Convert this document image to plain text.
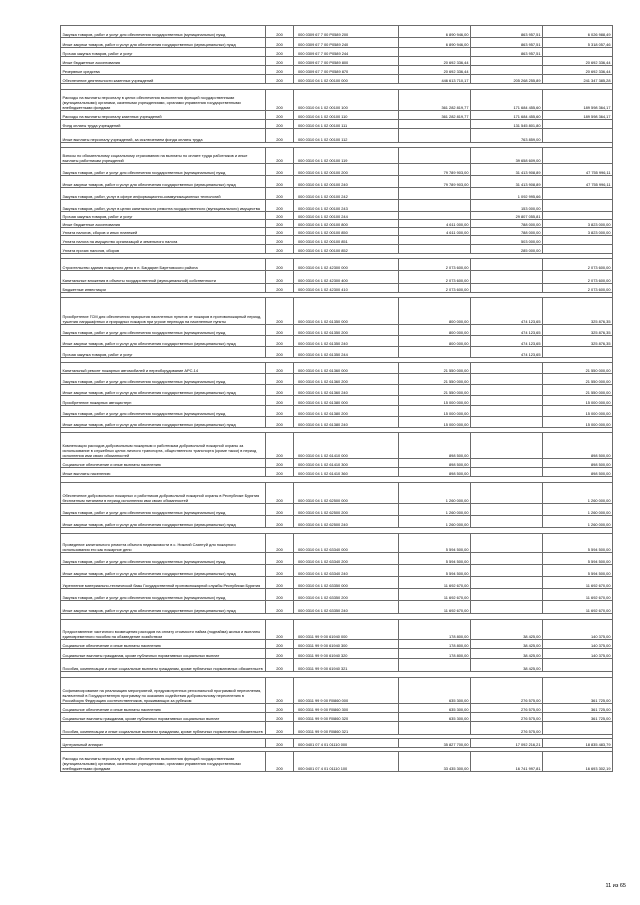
Закупка товаров, работ и услуг для обеспечения государственных (муниципальных) нужд	200	000 0309 67 7 00 Р0589 200	6 890 946,00	863 957,51	6 026 988,49
Иные закупки товаров, работ и услуг для обеспечения государственных (муниципальных) нужд	200	000 0309 67 7 00 Р0589 240	6 890 946,00	863 957,51	5 318 057,46
Прочая закупка товаров, работ и услуг	200	000 0309 67 7 00 Р0589 244		863 957,51	
Иные бюджетные ассигнования	200	000 0309 67 7 00 Р0589 800	20 692 336,44		20 692 336,44
Резервные средства	200	000 0309 67 7 00 Р0589 870	20 692 336,44		20 692 336,44
Обеспечение деятельности казенных учреждений	200	000 0310 04 1 02 00100 000	446 613 710,17	205 268 255,89	241 347 385,28

Расходы на выплаты персоналу в целях обеспечения выполнения функций государственными (муниципальными) органами, казенными учреждениями, органами управления государственными внебюджетными фондами	200	000 0310 04 1 02 00100 100	361 282 819,77	171 684 455,60	189 598 364,17
Расходы на выплаты персоналу казенных учреждений	200	000 0310 04 1 02 00100 110	361 282 819,77	171 684 455,60	189 598 364,17
Фонд оплаты труда учреждений	200	000 0310 04 1 02 00100 111		131 545 801,80	
Иные выплаты персоналу учреждений, за исключением фонда оплаты труда	200	000 0310 04 1 02 00100 112		763 859,00	

Взносы по обязательному социальному страхованию на выплаты по оплате труда работников и иные выплаты работникам учреждений	200	000 0310 04 1 02 00100 119		39 658 609,00	
Закупка товаров, работ и услуг для обеспечения государственных (муниципальных) нужд	200	000 0310 04 1 02 00100 200	79 789 903,00	31 413 908,89	47 755 996,11
Иные закупки товаров, работ и услуг для обеспечения государственных (муниципальных) нужд	200	000 0310 04 1 02 00100 240	79 789 903,00	31 413 908,89	47 755 996,11
Закупка товаров, работ, услуг в сфере информационно-коммуникационных технологий	200	000 0310 04 1 02 00100 242		1 092 995,66	
Закупка товаров, работ, услуг в целях капитального ремонта государственного (муниципального) имущества	200	000 0310 04 1 02 00100 243		153 000,00	
Прочая закупка товаров, работ и услуг	200	000 0310 04 1 02 00100 244		29 807 055,81	
Иные бюджетные ассигнования	200	000 0310 04 1 02 00100 800	4 611 000,00	788 000,00	3 823 000,00
Уплата налогов, сборов и иных платежей	200	000 0310 04 1 02 00100 850	4 611 000,00	788 000,00	3 823 000,00
Уплата налога на имущество организаций и земельного налога	200	000 0310 04 1 02 00100 851		503 000,00	
Уплата прочих налогов, сборов	200	000 0310 04 1 02 00100 852		285 000,00	

Строительство здания пожарного депо в п. Багдарин Баунтовского района	200	000 0310 04 1 02 42300 000	2 073 600,00		2 073 600,00
Капитальные вложения в объекты государственной (муниципальной) собственности	200	000 0310 04 1 02 42300 400	2 073 600,00		2 073 600,00
Бюджетные инвестиции	200	000 0310 04 1 02 42300 410	2 073 600,00		2 073 600,00

Приобретение ГСМ для обеспечения прикрытия населенных пунктов от пожаров в противопожарный период, тушения ландшафтных и природных пожаров при угрозе перехода на населенные пункты	200	000 0310 04 1 02 61350 000	800 000,00	474 123,65	325 876,35
Закупка товаров, работ и услуг для обеспечения государственных (муниципальных) нужд	200	000 0310 04 1 02 61350 200	800 000,00	474 123,65	325 876,35
Иные закупки товаров, работ и услуг для обеспечения государственных (муниципальных) нужд	200	000 0310 04 1 02 61350 240	800 000,00	474 123,65	325 876,35
Прочая закупка товаров, работ и услуг	200	000 0310 04 1 02 61350 244		474 123,65	

Капитальный ремонт пожарных автомобилей и переоборудование АРС-14	200	000 0310 04 1 02 61360 000	21 550 000,00		21 550 000,00
Закупка товаров, работ и услуг для обеспечения государственных (муниципальных) нужд	200	000 0310 04 1 02 61360 200	21 550 000,00		21 550 000,00
Иные закупки товаров, работ и услуг для обеспечения государственных (муниципальных) нужд	200	000 0310 04 1 02 61360 240	21 550 000,00		21 550 000,00
Приобретение пожарных автоцистерн	200	000 0310 04 1 02 61380 000	15 000 000,00		15 000 000,00
Закупка товаров, работ и услуг для обеспечения государственных (муниципальных) нужд	200	000 0310 04 1 02 61380 200	15 000 000,00		15 000 000,00
Иные закупки товаров, работ и услуг для обеспечения государственных (муниципальных) нужд	200	000 0310 04 1 02 61380 240	15 000 000,00		15 000 000,00

Компенсация расходов добровольным пожарным и работникам добровольной пожарной охраны за использование в служебных целях личного транспорта, общественного транспорта (кроме такси) в период исполнения ими своих обязанностей	200	000 0310 04 1 02 61410 000	898 500,00		898 500,00
Социальное обеспечение и иные выплаты населению	200	000 0310 04 1 02 61410 300	898 500,00		898 500,00
Иные выплаты населению	200	000 0310 04 1 02 61410 360	898 500,00		898 500,00

Обеспечение добровольных пожарных и работников добровольной пожарной охраны в Республике Бурятия бесплатным питанием в период исполнения ими своих обязанностей	200	000 0310 04 1 02 62500 000	1 260 000,00		1 260 000,00
Закупка товаров, работ и услуг для обеспечения государственных (муниципальных) нужд	200	000 0310 04 1 02 62500 200	1 260 000,00		1 260 000,00
Иные закупки товаров, работ и услуг для обеспечения государственных (муниципальных) нужд	200	000 0310 04 1 02 62500 240	1 260 000,00		1 260 000,00

Проведение капитального ремонта объекта недвижимости в с. Нижний Саянтуй для пожарного использования его как пожарное депо	200	000 0310 04 1 02 63340 000	5 594 500,00		5 594 500,00
Закупка товаров, работ и услуг для обеспечения государственных (муниципальных) нужд	200	000 0310 04 1 02 63340 200	5 594 500,00		5 594 500,00
Иные закупки товаров, работ и услуг для обеспечения государственных (муниципальных) нужд	200	000 0310 04 1 02 63340 240	5 594 500,00		5 594 500,00
Укрепление материально-технической базы Государственной противопожарной службы Республики Бурятия	200	000 0310 04 1 02 63350 000	11 692 670,00		11 692 670,00
Закупка товаров, работ и услуг для обеспечения государственных (муниципальных) нужд	200	000 0310 04 1 02 63350 200	11 692 670,00		11 692 670,00
Иные закупки товаров, работ и услуг для обеспечения государственных (муниципальных) нужд	200	000 0310 04 1 02 63350 240	11 692 670,00		11 692 670,00

Предоставление частичного возмещения расходов на оплату стоимости найма (поднайма) жилья и выплаты единовременного пособия на обзаведение хозяйством	200	000 0311 99 9 00 61940 000	178 800,00	38 425,00	140 375,00
Социальное обеспечение и иные выплаты населению	200	000 0311 99 9 00 61940 300	178 800,00	38 425,00	140 375,00
Социальные выплаты гражданам, кроме публичных нормативных социальных выплат	200	000 0311 99 9 00 61940 320	178 800,00	38 425,00	140 375,00
Пособия, компенсации и иные социальные выплаты гражданам, кроме публичных нормативных обязательств	200	000 0311 99 9 00 61940 321		38 425,00	

Софинансирование на реализацию мероприятий, предусмотренных региональной программой переселения, включенной в Государственную программу по оказанию содействия добровольному переселению в Российскую Федерацию соотечественников, проживающих за рубежом	200	000 0311 99 9 00 R0860 000	635 300,00	276 575,00	361 725,00
Социальное обеспечение и иные выплаты населению	200	000 0311 99 9 00 R0860 300	635 300,00	276 575,00	361 725,00
Социальные выплаты гражданам, кроме публичных нормативных социальных выплат	200	000 0311 99 9 00 R0860 320	635 300,00	276 575,00	361 725,00
Пособия, компенсации и иные социальные выплаты гражданам, кроме публичных нормативных обязательств	200	000 0311 99 9 00 R0860 321		276 575,00	

Центральный аппарат	200	000 0401 07 4 01 01110 000	35 827 700,00	17 092 216,21	18 835 483,79

Расходы на выплаты персоналу в целях обеспечения выполнения функций государственными (муниципальными) органами, казенными учреждениями, органами управления государственными внебюджетными фондами	200	000 0401 07 4 01 01110 100	33 435 300,00	16 741 997,81	16 693 302,19
11 из 65
